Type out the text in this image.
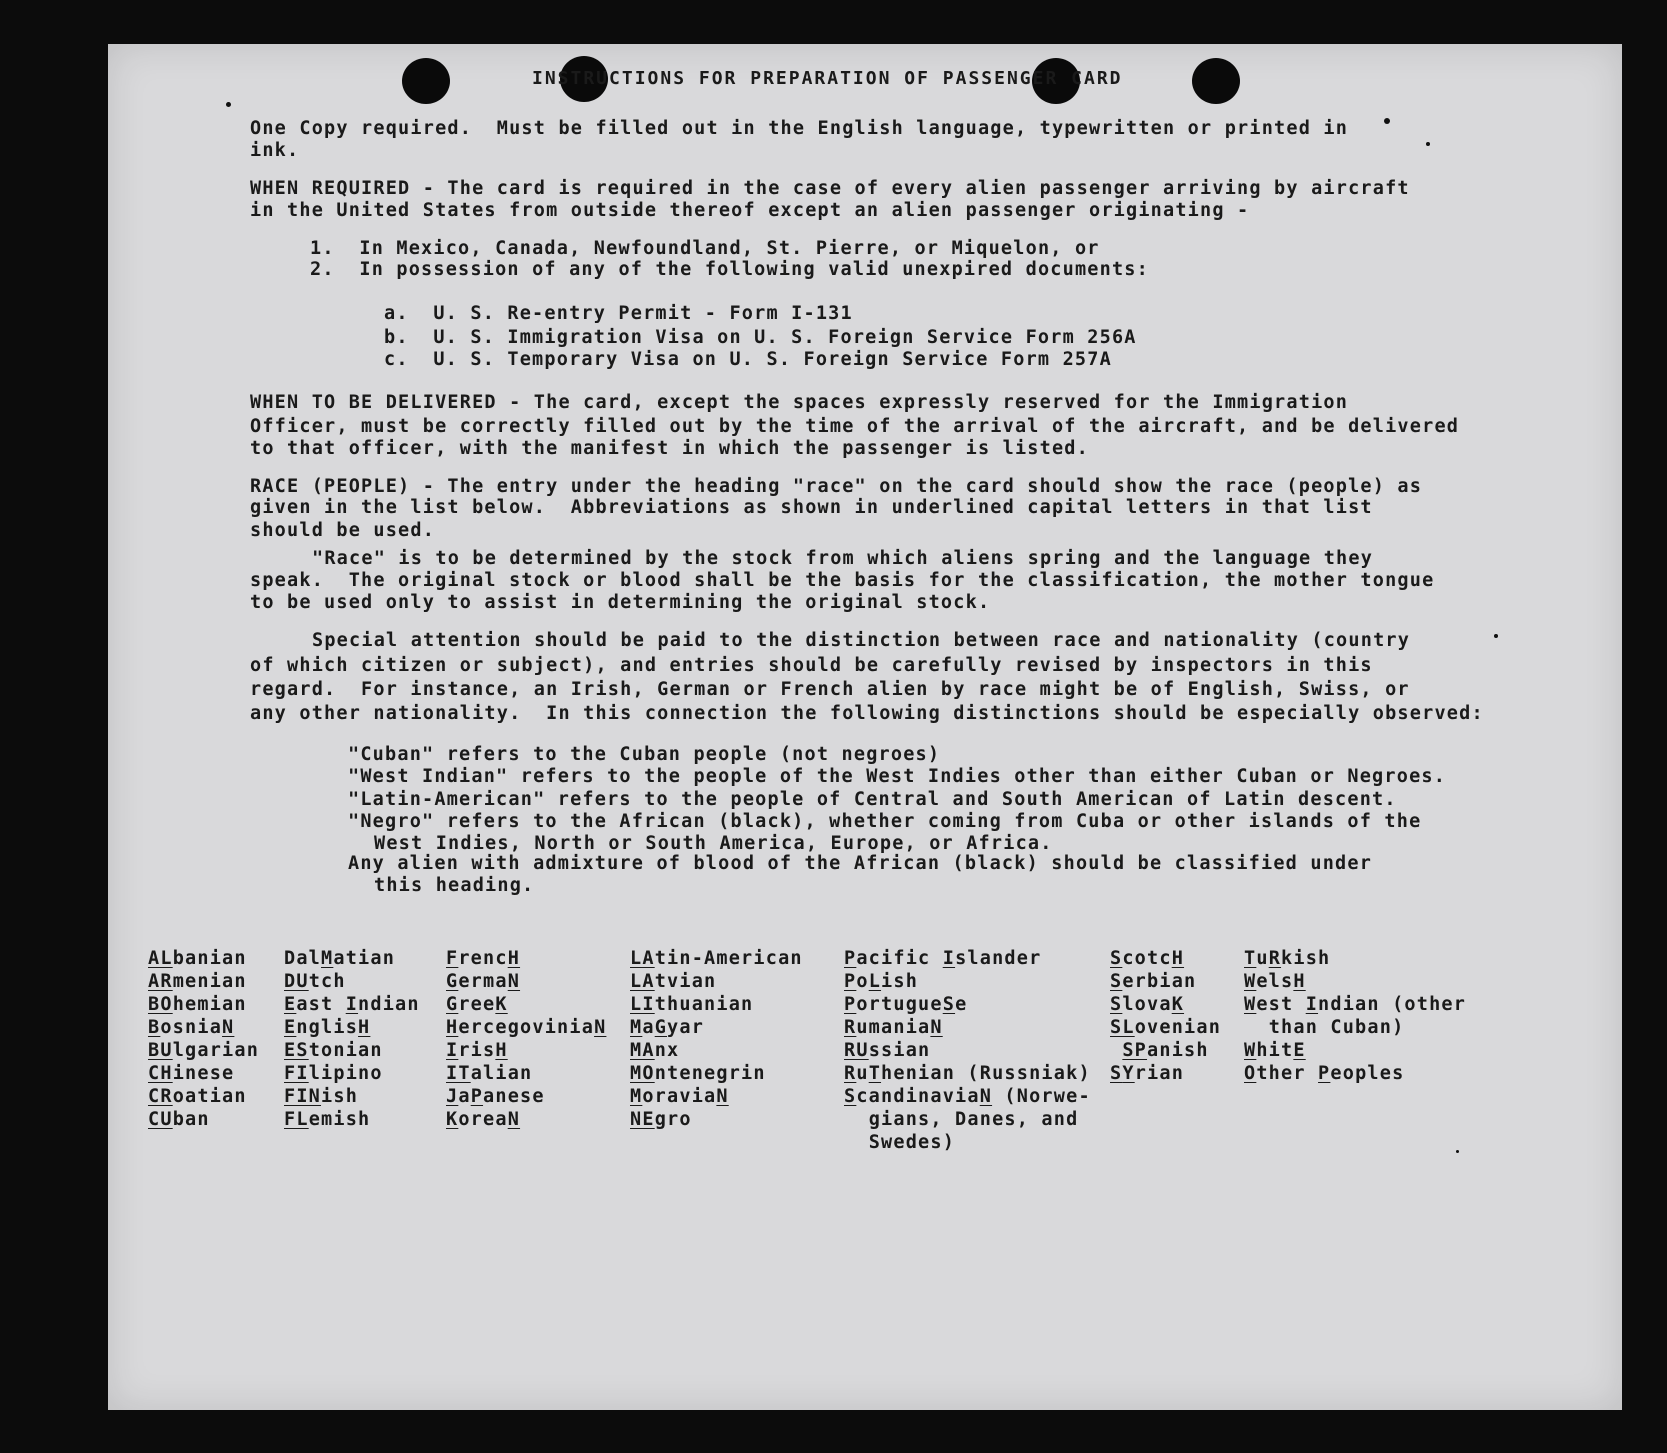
INSTRUCTIONS FOR PREPARATION OF PASSENGER CARD
One Copy required.  Must be filled out in the English language, typewritten or printed in
ink.
WHEN REQUIRED - The card is required in the case of every alien passenger arriving by aircraft
in the United States from outside thereof except an alien passenger originating -
1.  In Mexico, Canada, Newfoundland, St. Pierre, or Miquelon, or
2.  In possession of any of the following valid unexpired documents:
a.  U. S. Re-entry Permit - Form I-131
b.  U. S. Immigration Visa on U. S. Foreign Service Form 256A
c.  U. S. Temporary Visa on U. S. Foreign Service Form 257A
WHEN TO BE DELIVERED - The card, except the spaces expressly reserved for the Immigration
Officer, must be correctly filled out by the time of the arrival of the aircraft, and be delivered
to that officer, with the manifest in which the passenger is listed.
RACE (PEOPLE) - The entry under the heading "race" on the card should show the race (people) as
given in the list below.  Abbreviations as shown in underlined capital letters in that list
should be used.
"Race" is to be determined by the stock from which aliens spring and the language they
speak.  The original stock or blood shall be the basis for the classification, the mother tongue
to be used only to assist in determining the original stock.
Special attention should be paid to the distinction between race and nationality (country
of which citizen or subject), and entries should be carefully revised by inspectors in this
regard.  For instance, an Irish, German or French alien by race might be of English, Swiss, or
any other nationality.  In this connection the following distinctions should be especially observed:
"Cuban" refers to the Cuban people (not negroes)
"West Indian" refers to the people of the West Indies other than either Cuban or Negroes.
"Latin-American" refers to the people of Central and South American of Latin descent.
"Negro" refers to the African (black), whether coming from Cuba or other islands of the
West Indies, North or South America, Europe, or Africa.
Any alien with admixture of blood of the African (black) should be classified under
this heading.
ALbanian
ARmenian
BOhemian
BosniaN
BUlgarian
CHinese
CRoatian
CUban
DalMatian
DUtch
East Indian
EnglisH
EStonian
FIlipino
FINish
FLemish
FrencH
GermaN
GreeK
HercegoviniaN
IrisH
ITalian
JaPanese
KoreaN
LAtin-American
LAtvian
LIthuanian
MaGyar
MAnx
MOntenegrin
MoraviaN
NEgro
Pacific Islander
PoLish
PortugueSe
RumaniaN
RUssian
RuThenian (Russniak)
ScandinaviaN (Norwe-
gians, Danes, and
Swedes)
ScotcH
Serbian
SlovaK
SLovenian
SPanish
SYrian
TuRkish
WelsH
West Indian (other
than Cuban)
WhitE
Other Peoples
